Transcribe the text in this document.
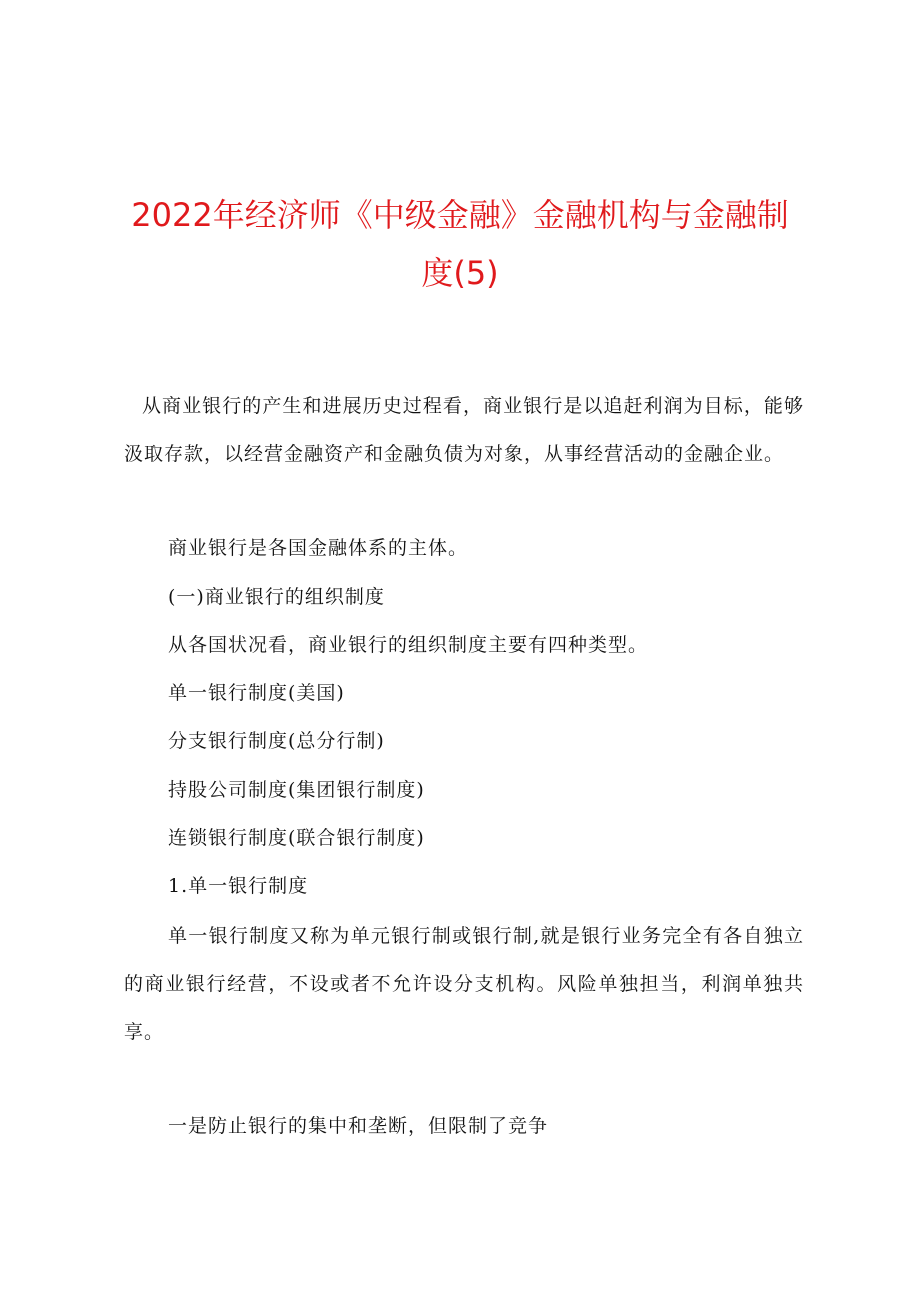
2022年经济师《中级金融》金融机构与金融制
度(5)

从商业银行的产生和进展历史过程看，商业银行是以追赶利润为目标，能够汲取存款，以经营金融资产和金融负债为对象，从事经营活动的金融企业。

商业银行是各国金融体系的主体。

(一)商业银行的组织制度

从各国状况看，商业银行的组织制度主要有四种类型。

单一银行制度(美国)

分支银行制度(总分行制)

持股公司制度(集团银行制度)

连锁银行制度(联合银行制度)

1.单一银行制度

单一银行制度又称为单元银行制或银行制,就是银行业务完全有各自独立的商业银行经营，不设或者不允许设分支机构。风险单独担当，利润单独共享。

一是防止银行的集中和垄断，但限制了竞争
